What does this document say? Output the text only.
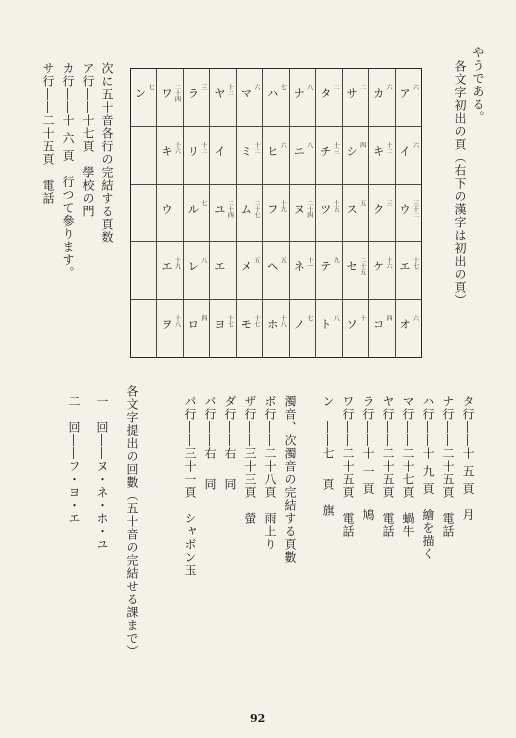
やうである。
各文字初出の頁（右下の漢字は初出の頁）
ア 六
イ 六
ウ 三十二
エ 十七
オ 六
カ 六
キ 十二
ク 三
ケ 十六
コ 四
サ 二
シ 四
ス 五
セ 二十五
ソ 十
タ 二
チ 十三
ツ 十五
テ 九
ト 八
ナ 八
ニ 八
ヌ 二十四
ネ 十一
ノ 七
ハ 七
ヒ 六
フ 十九
ヘ 五
ホ 十八
マ 六
ミ 十二
ム 二十七
メ 五
モ 十七
ヤ 十二
イ
ユ 二十四
エ
ヨ 十七
ラ 三
リ 十二
ル 七
レ 八
ロ 四
ワ 二十四
キ 十六
ウ
エ 十九
ヲ 十八
ン 七
次に五十音各行の完結する頁数
ア行――十七頁　學校の門
カ行――十 六 頁　行つて參ります。
サ行――二十五頁　電話
タ行――十 五 頁　月
ナ行――二十五頁　電話
ハ行――十 九 頁　繪を描く
マ行――二十七頁　蝸牛
ヤ行――二十五頁　電話
ラ行――十 一 頁　鳩
ワ行――二十五頁　電話
ン　――七　 頁　旗
濁音、次濁音の完結する頁數
ボ行――二十八頁　雨上り
ザ行――三十三頁　螢
ダ行――右　 同
バ行――右　 同
パ行――三十一頁　シャボン玉
各文字提出の回數（五十音の完結せる課まで）
一　回――ヌ・ネ・ホ・ユ
二　回――フ・ヨ・エ
92
